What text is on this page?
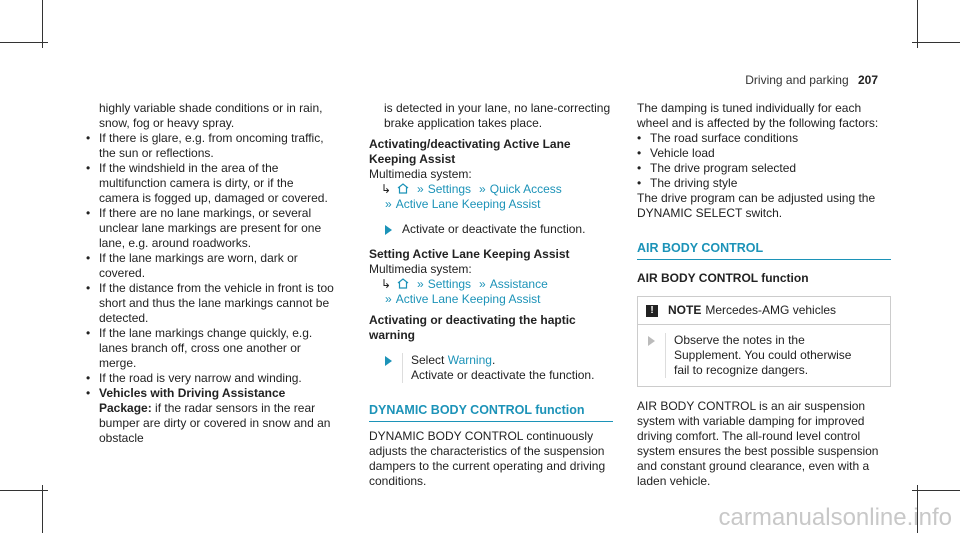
Driving and parking 207

highly variable shade conditions or in rain, snow, fog or heavy spray.

• If there is glare, e.g. from oncoming traffic, the sun or reflections.

• If the windshield in the area of the multifunction camera is dirty, or if the camera is fogged up, damaged or covered.

• If there are no lane markings, or several unclear lane markings are present for one lane, e.g. around roadworks.

• If the lane markings are worn, dark or covered.

• If the distance from the vehicle in front is too short and thus the lane markings cannot be detected.

• If the lane markings change quickly, e.g. lanes branch off, cross one another or merge.

• If the road is very narrow and winding.

• Vehicles with Driving Assistance Package: if the radar sensors in the rear bumper are dirty or covered in snow and an obstacle

is detected in your lane, no lane-correcting brake application takes place.

Activating/deactivating Active Lane Keeping Assist

Multimedia system:

↳ » Settings » Quick Access
» Active Lane Keeping Assist
Activate or deactivate the function.

Setting Active Lane Keeping Assist

Multimedia system:

↳ » Settings » Assistance
» Active Lane Keeping Assist

Activating or deactivating the haptic warning

Select Warning.
Activate or deactivate the function.
DYNAMIC BODY CONTROL function

DYNAMIC BODY CONTROL continuously adjusts the characteristics of the suspension dampers to the current operating and driving conditions.

The damping is tuned individually for each wheel and is affected by the following factors:

• The road surface conditions

• Vehicle load

• The drive program selected

• The driving style

The drive program can be adjusted using the DYNAMIC SELECT switch.

AIR BODY CONTROL

AIR BODY CONTROL function

!	NOTE Mercedes-AMG vehicles
Observe the notes in the Supplement. You could otherwise fail to recognize dangers.

AIR BODY CONTROL is an air suspension system with variable damping for improved driving comfort. The all-round level control system ensures the best possible suspension and constant ground clearance, even with a laden vehicle.

carmanualsonline.info
